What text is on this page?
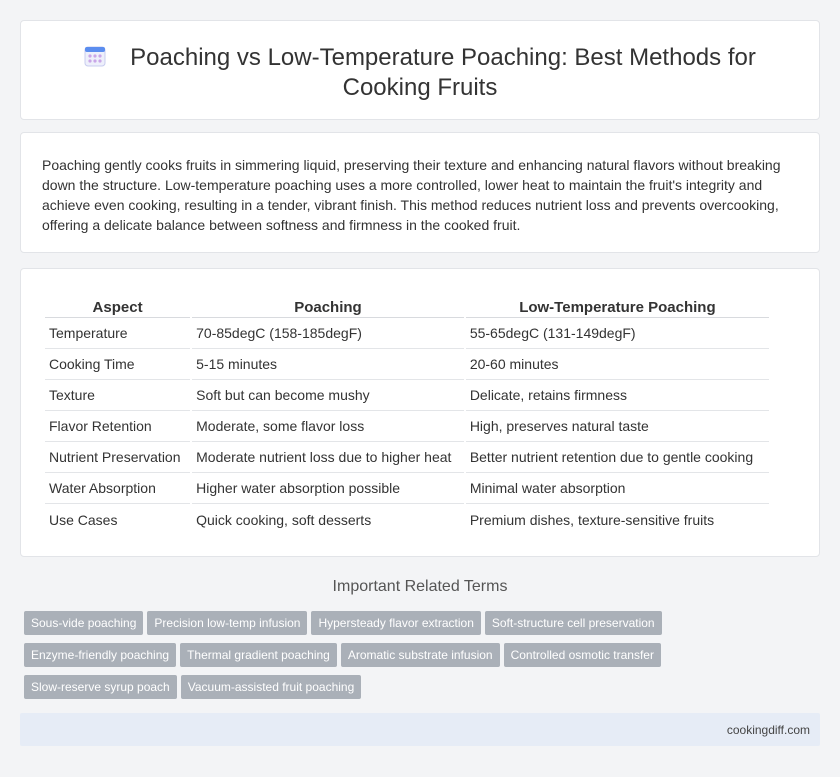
Poaching vs Low-Temperature Poaching: Best Methods for Cooking Fruits

Poaching gently cooks fruits in simmering liquid, preserving their texture and enhancing natural flavors without breaking down the structure. Low-temperature poaching uses a more controlled, lower heat to maintain the fruit's integrity and achieve even cooking, resulting in a tender, vibrant finish. This method reduces nutrient loss and prevents overcooking, offering a delicate balance between softness and firmness in the cooked fruit.

Aspect	Poaching	Low-Temperature Poaching
Temperature	70-85degC (158-185degF)	55-65degC (131-149degF)
Cooking Time	5-15 minutes	20-60 minutes
Texture	Soft but can become mushy	Delicate, retains firmness
Flavor Retention	Moderate, some flavor loss	High, preserves natural taste
Nutrient Preservation	Moderate nutrient loss due to higher heat	Better nutrient retention due to gentle cooking
Water Absorption	Higher water absorption possible	Minimal water absorption
Use Cases	Quick cooking, soft desserts	Premium dishes, texture-sensitive fruits
Important Related Terms
Sous-vide poaching Precision low-temp infusion Hypersteady flavor extraction Soft-structure cell preservation
Enzyme-friendly poaching Thermal gradient poaching Aromatic substrate infusion Controlled osmotic transfer
Slow-reserve syrup poach Vacuum-assisted fruit poaching
cookingdiff.com
